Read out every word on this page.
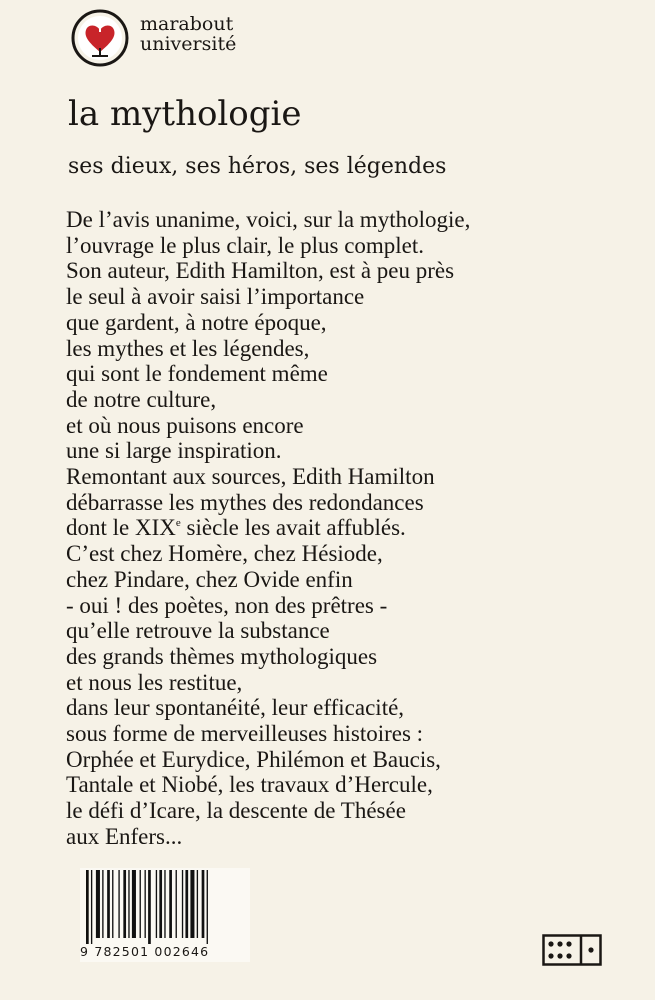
marabout
université
la mythologie
ses dieux, ses héros, ses légendes
De l’avis unanime, voici, sur la mythologie,
l’ouvrage le plus clair, le plus complet.
Son auteur, Edith Hamilton, est à peu près
le seul à avoir saisi l’importance
que gardent, à notre époque,
les mythes et les légendes,
qui sont le fondement même
de notre culture,
et où nous puisons encore
une si large inspiration.
Remontant aux sources, Edith Hamilton
débarrasse les mythes des redondances
dont le XIXe siècle les avait affublés.
C’est chez Homère, chez Hésiode,
chez Pindare, chez Ovide enfin
- oui ! des poètes, non des prêtres -
qu’elle retrouve la substance
des grands thèmes mythologiques
et nous les restitue,
dans leur spontanéité, leur efficacité,
sous forme de merveilleuses histoires :
Orphée et Eurydice, Philémon et Baucis,
Tantale et Niobé, les travaux d’Hercule,
le défi d’Icare, la descente de Thésée
aux Enfers...
9 782501 002646
